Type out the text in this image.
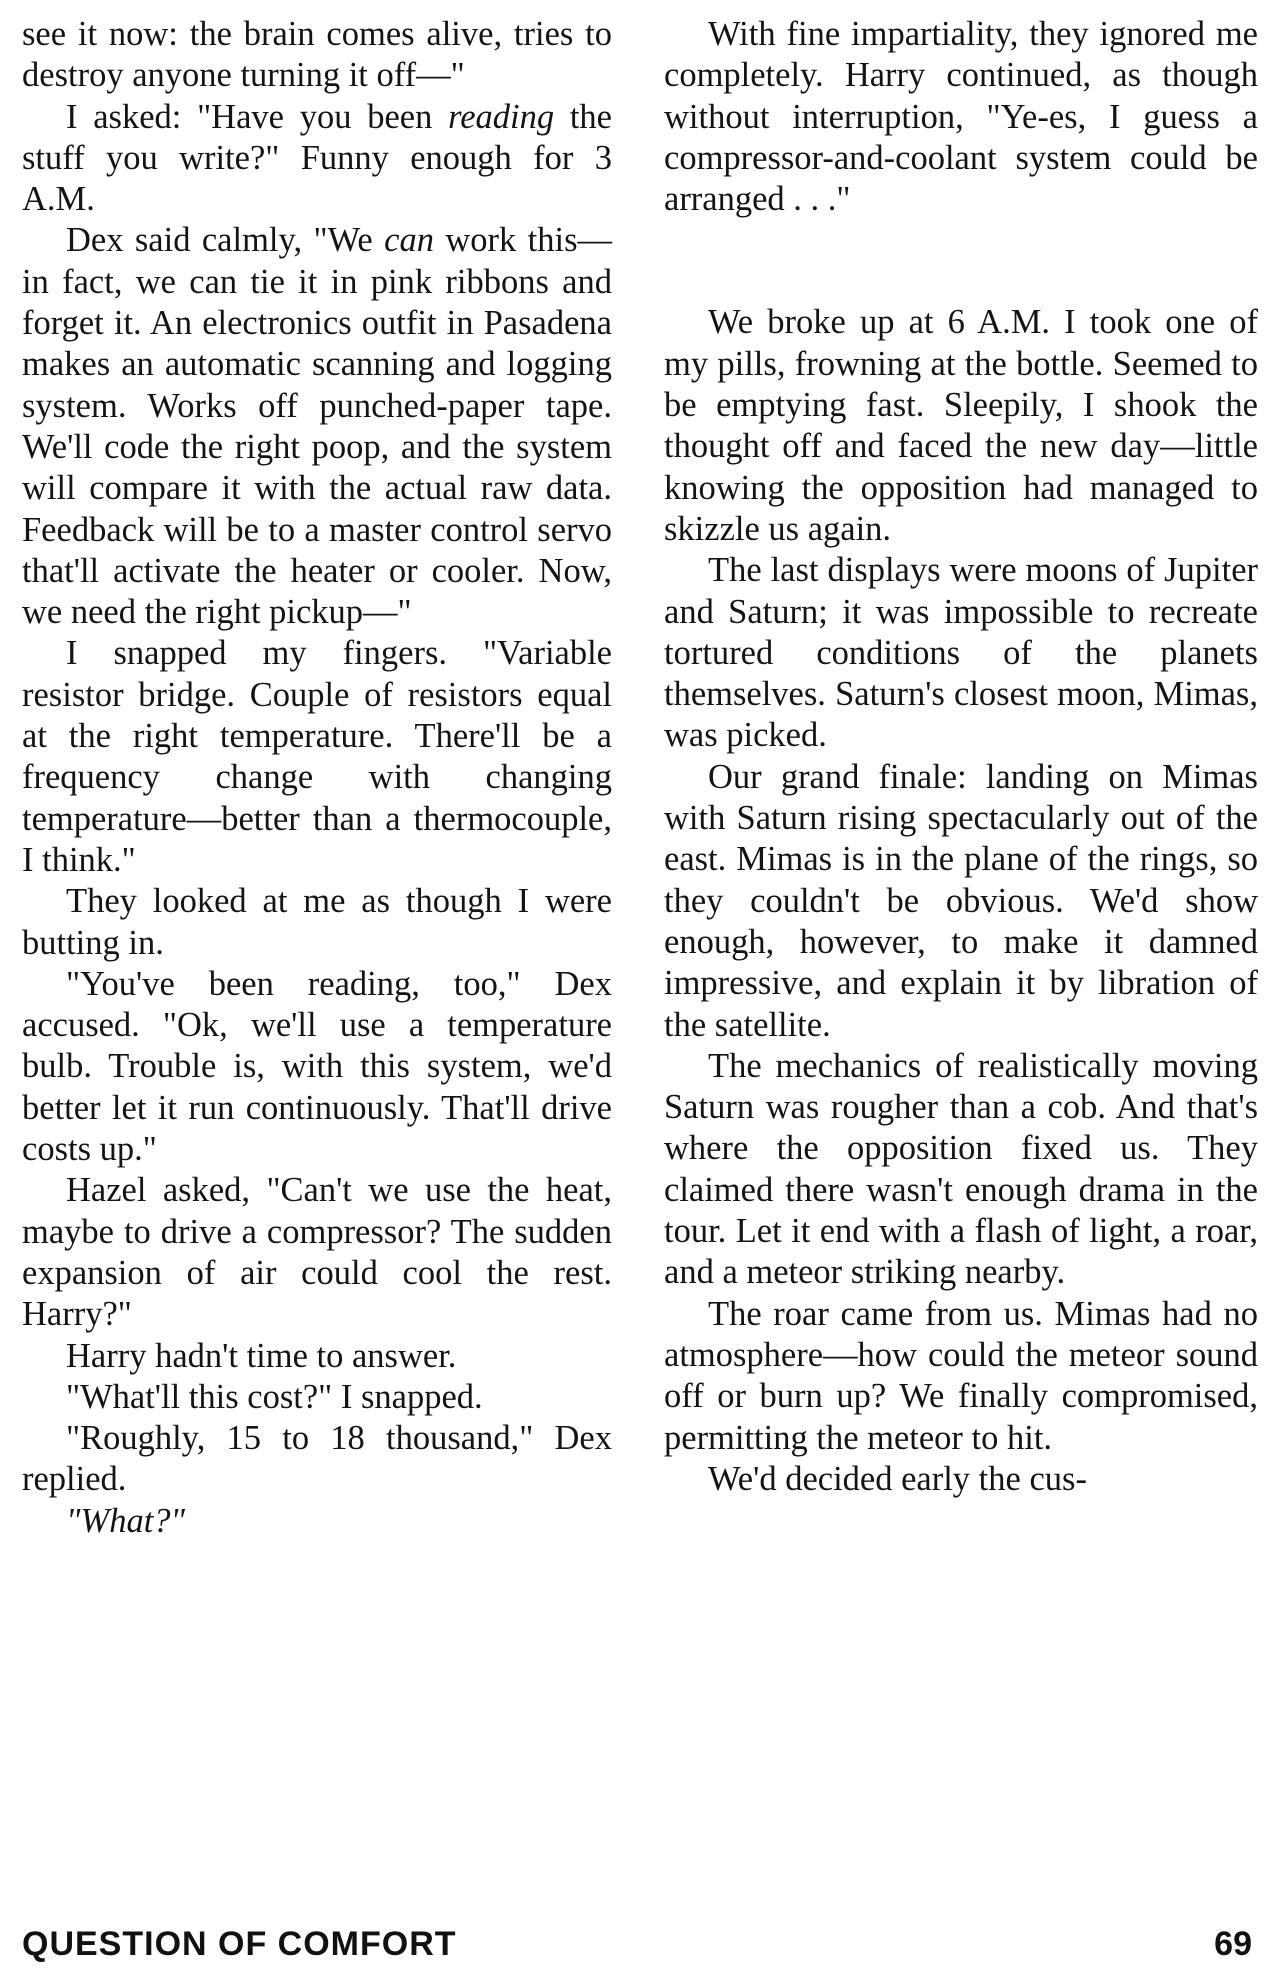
see it now: the brain comes alive, tries to destroy anyone turning it off—"

I asked: "Have you been reading the stuff you write?" Funny enough for 3 A.M.

Dex said calmly, "We can work this—in fact, we can tie it in pink ribbons and forget it. An electronics outfit in Pasadena makes an automatic scanning and logging system. Works off punched-paper tape. We'll code the right poop, and the system will compare it with the actual raw data. Feedback will be to a master control servo that'll activate the heater or cooler. Now, we need the right pickup—"

I snapped my fingers. "Variable resistor bridge. Couple of resistors equal at the right temperature. There'll be a frequency change with changing temperature—better than a thermocouple, I think."

They looked at me as though I were butting in.

"You've been reading, too," Dex accused. "Ok, we'll use a temperature bulb. Trouble is, with this system, we'd better let it run continuously. That'll drive costs up."

Hazel asked, "Can't we use the heat, maybe to drive a compressor? The sudden expansion of air could cool the rest. Harry?"

Harry hadn't time to answer.

"What'll this cost?" I snapped.

"Roughly, 15 to 18 thousand," Dex replied.

"What?"

With fine impartiality, they ignored me completely. Harry continued, as though without interruption, "Ye-es, I guess a compressor-and-coolant system could be arranged . . ."

We broke up at 6 A.M. I took one of my pills, frowning at the bottle. Seemed to be emptying fast. Sleepily, I shook the thought off and faced the new day—little knowing the opposition had managed to skizzle us again.

The last displays were moons of Jupiter and Saturn; it was impossible to recreate tortured conditions of the planets themselves. Saturn's closest moon, Mimas, was picked.

Our grand finale: landing on Mimas with Saturn rising spectacularly out of the east. Mimas is in the plane of the rings, so they couldn't be obvious. We'd show enough, however, to make it damned impressive, and explain it by libration of the satellite.

The mechanics of realistically moving Saturn was rougher than a cob. And that's where the opposition fixed us. They claimed there wasn't enough drama in the tour. Let it end with a flash of light, a roar, and a meteor striking nearby.

The roar came from us. Mimas had no atmosphere—how could the meteor sound off or burn up? We finally compromised, permitting the meteor to hit.

We'd decided early the cus-

QUESTION OF COMFORT	69
